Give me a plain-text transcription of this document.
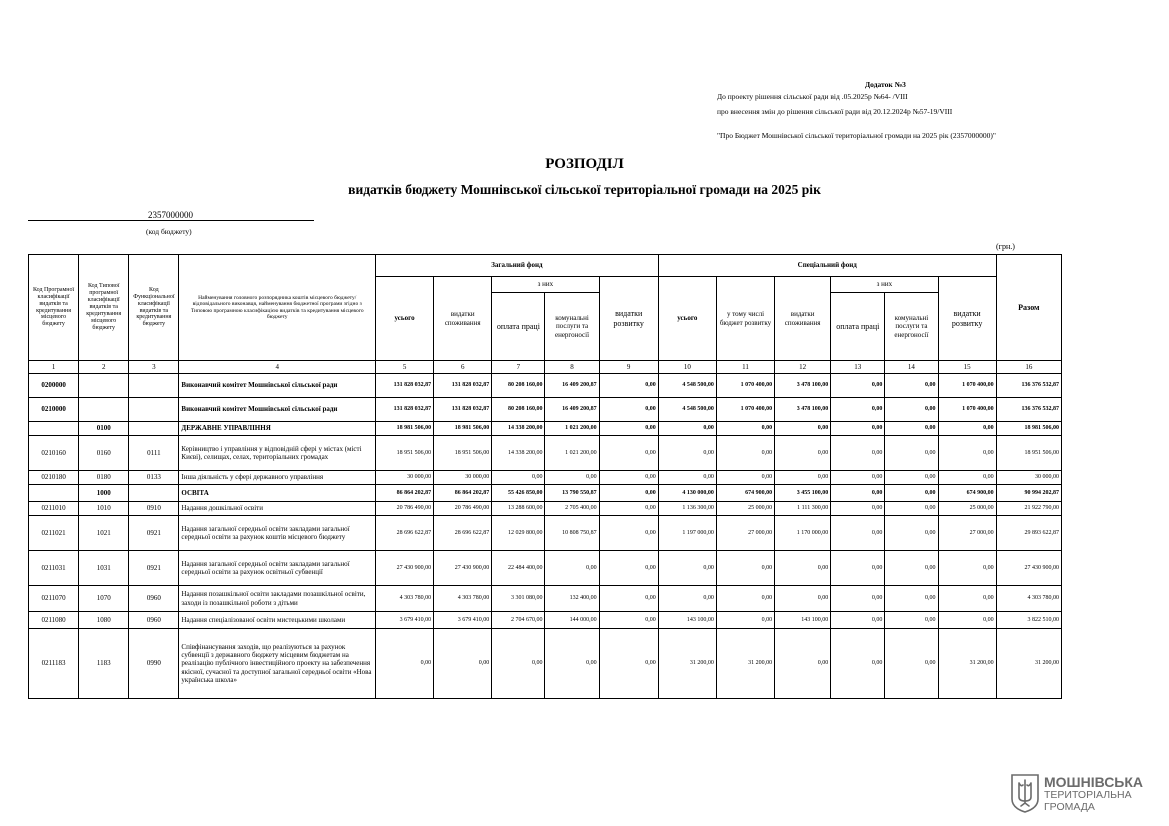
Додаток №3
До проекту рішення сільської ради від .05.2025р №64- /VIII
про внесення змін до рішення сільської ради від 20.12.2024р №57-19/VIII
"Про Бюджет Мошнівської сільської територіальної громади на 2025 рік (2357000000)"
РОЗПОДІЛ
видатків бюджету Мошнівської сільської територіальної громади на 2025 рік
2357000000
(код бюджету)
(грн.)
Код Програмної класифікації видатків та кредитування місцевого бюджету	Код Типової програмної класифікації видатків та кредитування місцевого бюджету	Код Функціональної класифікації видатків та кредитування бюджету	Найменування головного розпорядника коштів місцевого бюджету/ відповідального виконавця, найменування бюджетної програми згідно з Типовою програмною класифікацією видатків та кредитування місцевого бюджету	Загальний фонд					Спеціальний фонд						Разом
				усього	видатки споживання	з них		видатки розвитку	усього	у тому числі бюджет розвитку	видатки споживання	з них		видатки розвитку	
						оплата праці	комунальні послуги та енергоносії					оплата праці	комунальні послуги та енергоносії		

1	2	3	4	5	6	7	8	9	10	11	12	13	14	15	16
0200000			Виконавчий комітет Мошнівської сільської ради	131 828 032,87	131 828 032,87	80 208 160,00	16 409 200,87	0,00	4 548 500,00	1 070 400,00	3 478 100,00	0,00	0,00	1 070 400,00	136 376 532,87
0210000			Виконавчий комітет Мошнівської сільської ради	131 828 032,87	131 828 032,87	80 208 160,00	16 409 200,87	0,00	4 548 500,00	1 070 400,00	3 478 100,00	0,00	0,00	1 070 400,00	136 376 532,87
	0100		ДЕРЖАВНЕ УПРАВЛІННЯ	18 981 506,00	18 981 506,00	14 338 200,00	1 021 200,00	0,00	0,00	0,00	0,00	0,00	0,00	0,00	18 981 506,00
0210160	0160	0111	Керівництво і управління у відповідній сфері у містах (місті Києві), селищах, селах, територіальних громадах	18 951 506,00	18 951 506,00	14 338 200,00	1 021 200,00	0,00	0,00	0,00	0,00	0,00	0,00	0,00	18 951 506,00
0210180	0180	0133	Інша діяльність у сфері державного управління	30 000,00	30 000,00	0,00	0,00	0,00	0,00	0,00	0,00	0,00	0,00	0,00	30 000,00
	1000		ОСВІТА	86 864 202,87	86 864 202,87	55 426 850,00	13 790 550,87	0,00	4 130 000,00	674 900,00	3 455 100,00	0,00	0,00	674 900,00	90 994 202,87
0211010	1010	0910	Надання дошкільної освіти	20 786 490,00	20 786 490,00	13 288 600,00	2 705 400,00	0,00	1 136 300,00	25 000,00	1 111 300,00	0,00	0,00	25 000,00	21 922 790,00
0211021	1021	0921	Надання загальної середньої освіти закладами загальної середньої освіти за рахунок коштів місцевого бюджету	28 696 622,87	28 696 622,87	12 029 800,00	10 808 750,87	0,00	1 197 000,00	27 000,00	1 170 000,00	0,00	0,00	27 000,00	29 893 622,87
0211031	1031	0921	Надання загальної середньої освіти закладами загальної середньої освіти за рахунок освітньої субвенції	27 430 900,00	27 430 900,00	22 484 400,00	0,00	0,00	0,00	0,00	0,00	0,00	0,00	0,00	27 430 900,00
0211070	1070	0960	Надання позашкільної освіти закладами позашкільної освіти, заходи із позашкільної роботи з дітьми	4 303 780,00	4 303 780,00	3 301 080,00	132 400,00	0,00	0,00	0,00	0,00	0,00	0,00	0,00	4 303 780,00
0211080	1080	0960	Надання спеціалізованої освіти мистецькими школами	3 679 410,00	3 679 410,00	2 704 670,00	144 000,00	0,00	143 100,00	0,00	143 100,00	0,00	0,00	0,00	3 822 510,00
0211183	1183	0990	Співфінансування заходів, що реалізуються за рахунок субвенції з державного бюджету місцевим бюджетам на реалізацію публічного інвестиційного проекту на забезпечення якісної, сучасної та доступної загальної середньої освіти «Нова українська школа»	0,00	0,00	0,00	0,00	0,00	31 200,00	31 200,00	0,00	0,00	0,00	31 200,00	31 200,00
МОШНІВСЬКА
ТЕРИТОРІАЛЬНА
ГРОМАДА
